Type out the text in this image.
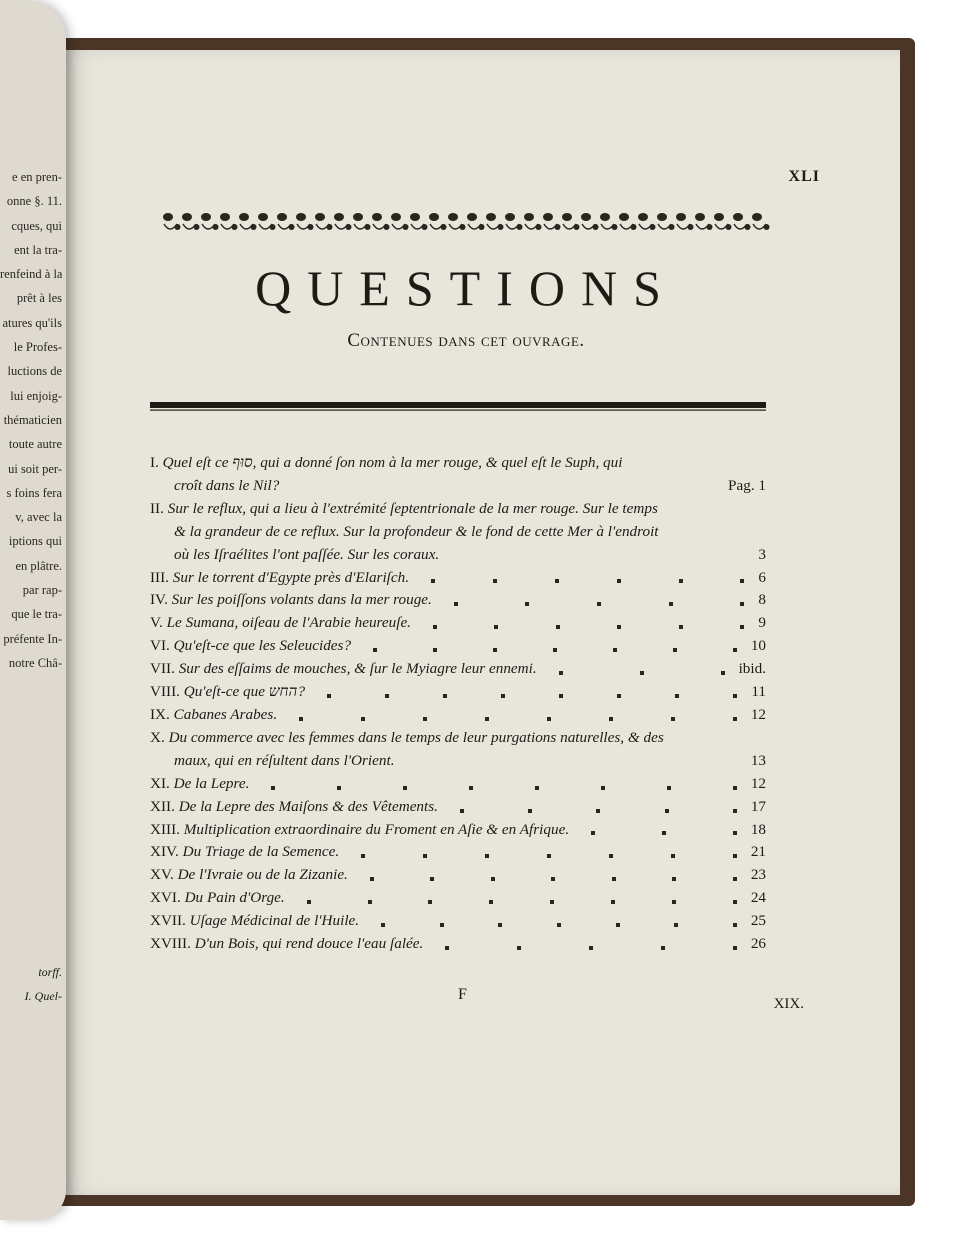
e en pren-
onne §. 11.
cques, qui
ent la tra-
renfeind à la
prêt à les
atures qu'ils
le Profes-
luctions de
lui enjoig-
thématicien
toute autre
ui soit per-
s foins fera
v, avec la
iptions qui
en plâtre.
par rap-
que le tra-
préfente In-
notre Châ-
torff.
I. Quel-
XLI
QUESTIONS
Contenues dans cet ouvrage.
I. Quel eſt ce סוּף, qui a donné ſon nom à la mer rouge, & quel eſt le Suph, qui
croît dans le Nil?	Pag. 1
II. Sur le reflux, qui a lieu à l'extrémité ſeptentrionale de la mer rouge. Sur le temps
& la grandeur de ce reflux. Sur la profondeur & le fond de cette Mer à l'endroit
où les Iſraélites l'ont paſſée. Sur les coraux.	3
III. Sur le torrent d'Egypte près d'Elariſch.	6
IV. Sur les poiſſons volants dans la mer rouge.	8
V. Le Sumana, oiſeau de l'Arabie heureuſe.	9
VI. Qu'eſt-ce que les Seleucides?	10
VII. Sur des eſſaims de mouches, & ſur le Myiagre leur ennemi.	ibid.
VIII. Qu'eſt-ce que החש?	11
IX. Cabanes Arabes.	12
X. Du commerce avec les femmes dans le temps de leur purgations naturelles, & des
maux, qui en réſultent dans l'Orient.	13
XI. De la Lepre.	12
XII. De la Lepre des Maiſons & des Vêtements.	17
XIII. Multiplication extraordinaire du Froment en Aſie & en Afrique.	18
XIV. Du Triage de la Semence.	21
XV. De l'Ivraie ou de la Zizanie.	23
XVI. Du Pain d'Orge.	24
XVII. Uſage Médicinal de l'Huile.	25
XVIII. D'un Bois, qui rend douce l'eau ſalée.	26
F
XIX.
